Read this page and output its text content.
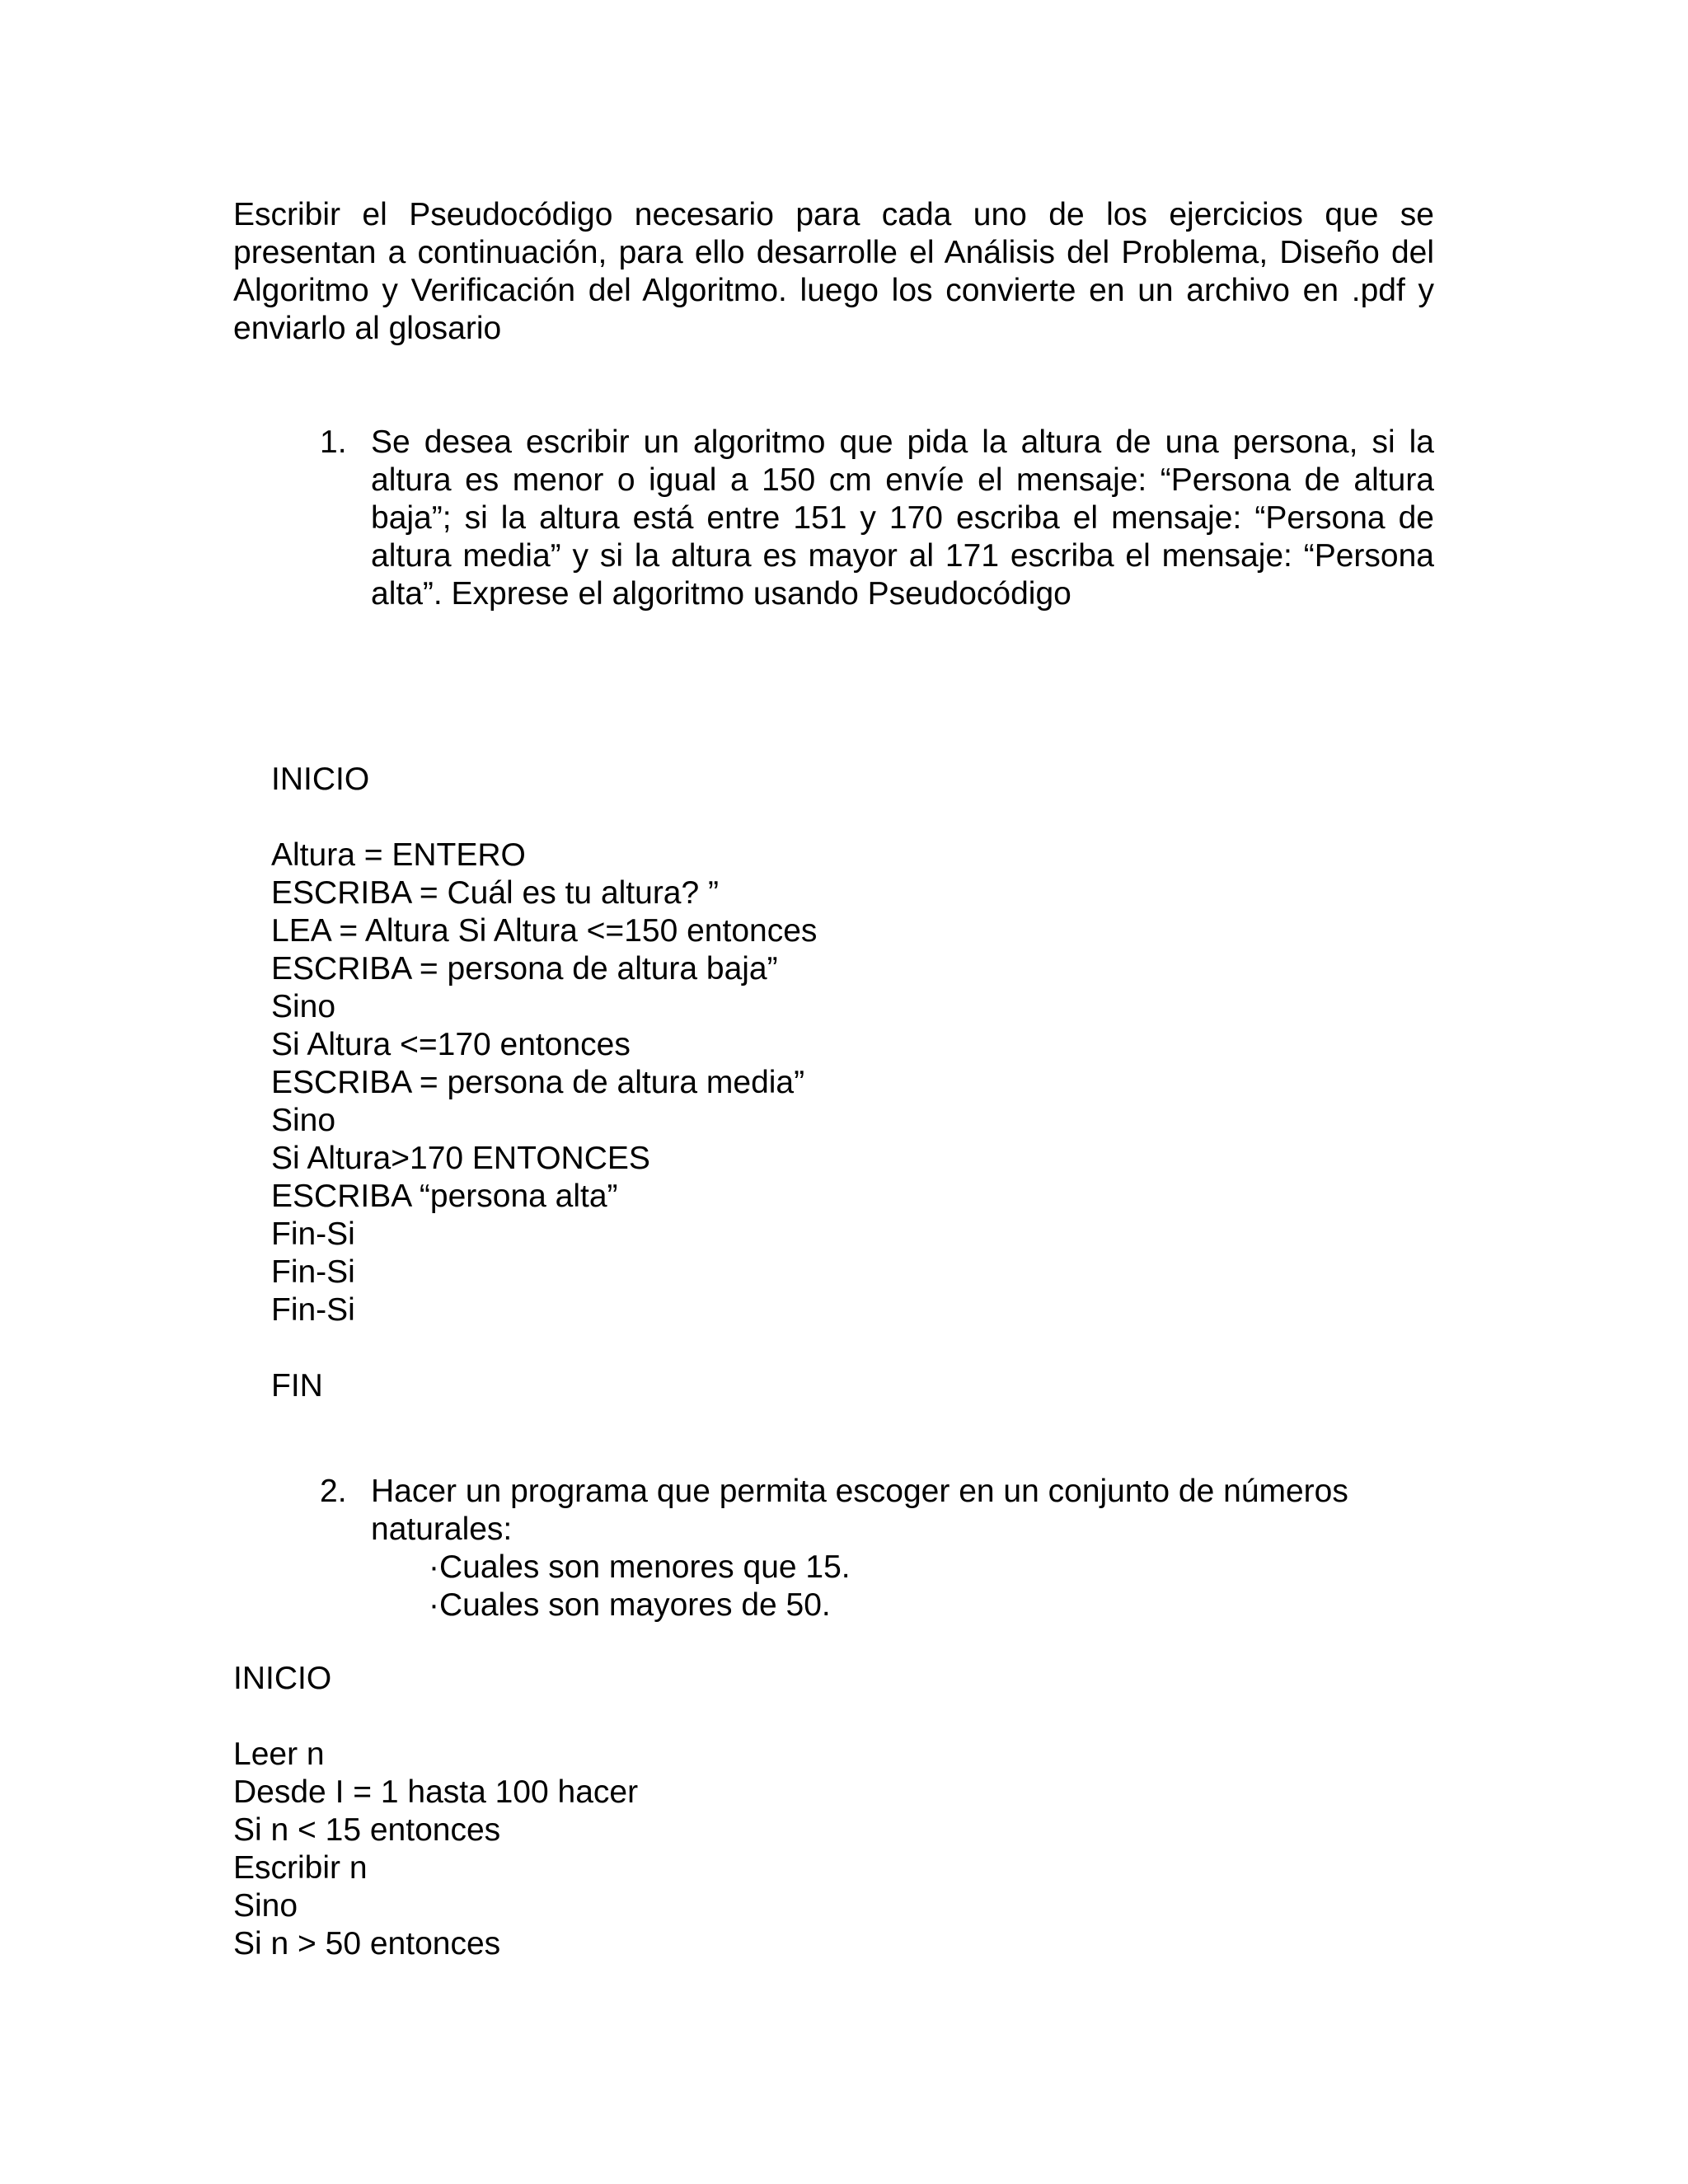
Escribir el Pseudocódigo necesario para cada uno de los ejercicios que se
presentan a continuación, para ello desarrolle el Análisis del Problema, Diseño del
Algoritmo y Verificación del Algoritmo. luego los convierte en un archivo en .pdf y
enviarlo al glosario
1. Se desea escribir un algoritmo que pida la altura de una persona, si la
altura es menor o igual a 150 cm envíe el mensaje: “Persona de altura
baja”; si la altura está entre 151 y 170 escriba el mensaje: “Persona de
altura media” y si la altura es mayor al 171 escriba el mensaje: “Persona
alta”. Exprese el algoritmo usando Pseudocódigo
INICIO
Altura = ENTERO
ESCRIBA = Cuál es tu altura? ”
LEA = Altura Si Altura <=150 entonces
ESCRIBA = persona de altura baja”
Sino
Si Altura <=170 entonces
ESCRIBA = persona de altura media”
Sino
Si Altura>170 ENTONCES
ESCRIBA “persona alta”
Fin-Si
Fin-Si
Fin-Si
FIN
2. Hacer un programa que permita escoger en un conjunto de números
naturales:
·Cuales son menores que 15.
·Cuales son mayores de 50.
INICIO
Leer n
Desde I = 1 hasta 100 hacer
Si n < 15 entonces
Escribir n
Sino
Si n > 50 entonces
